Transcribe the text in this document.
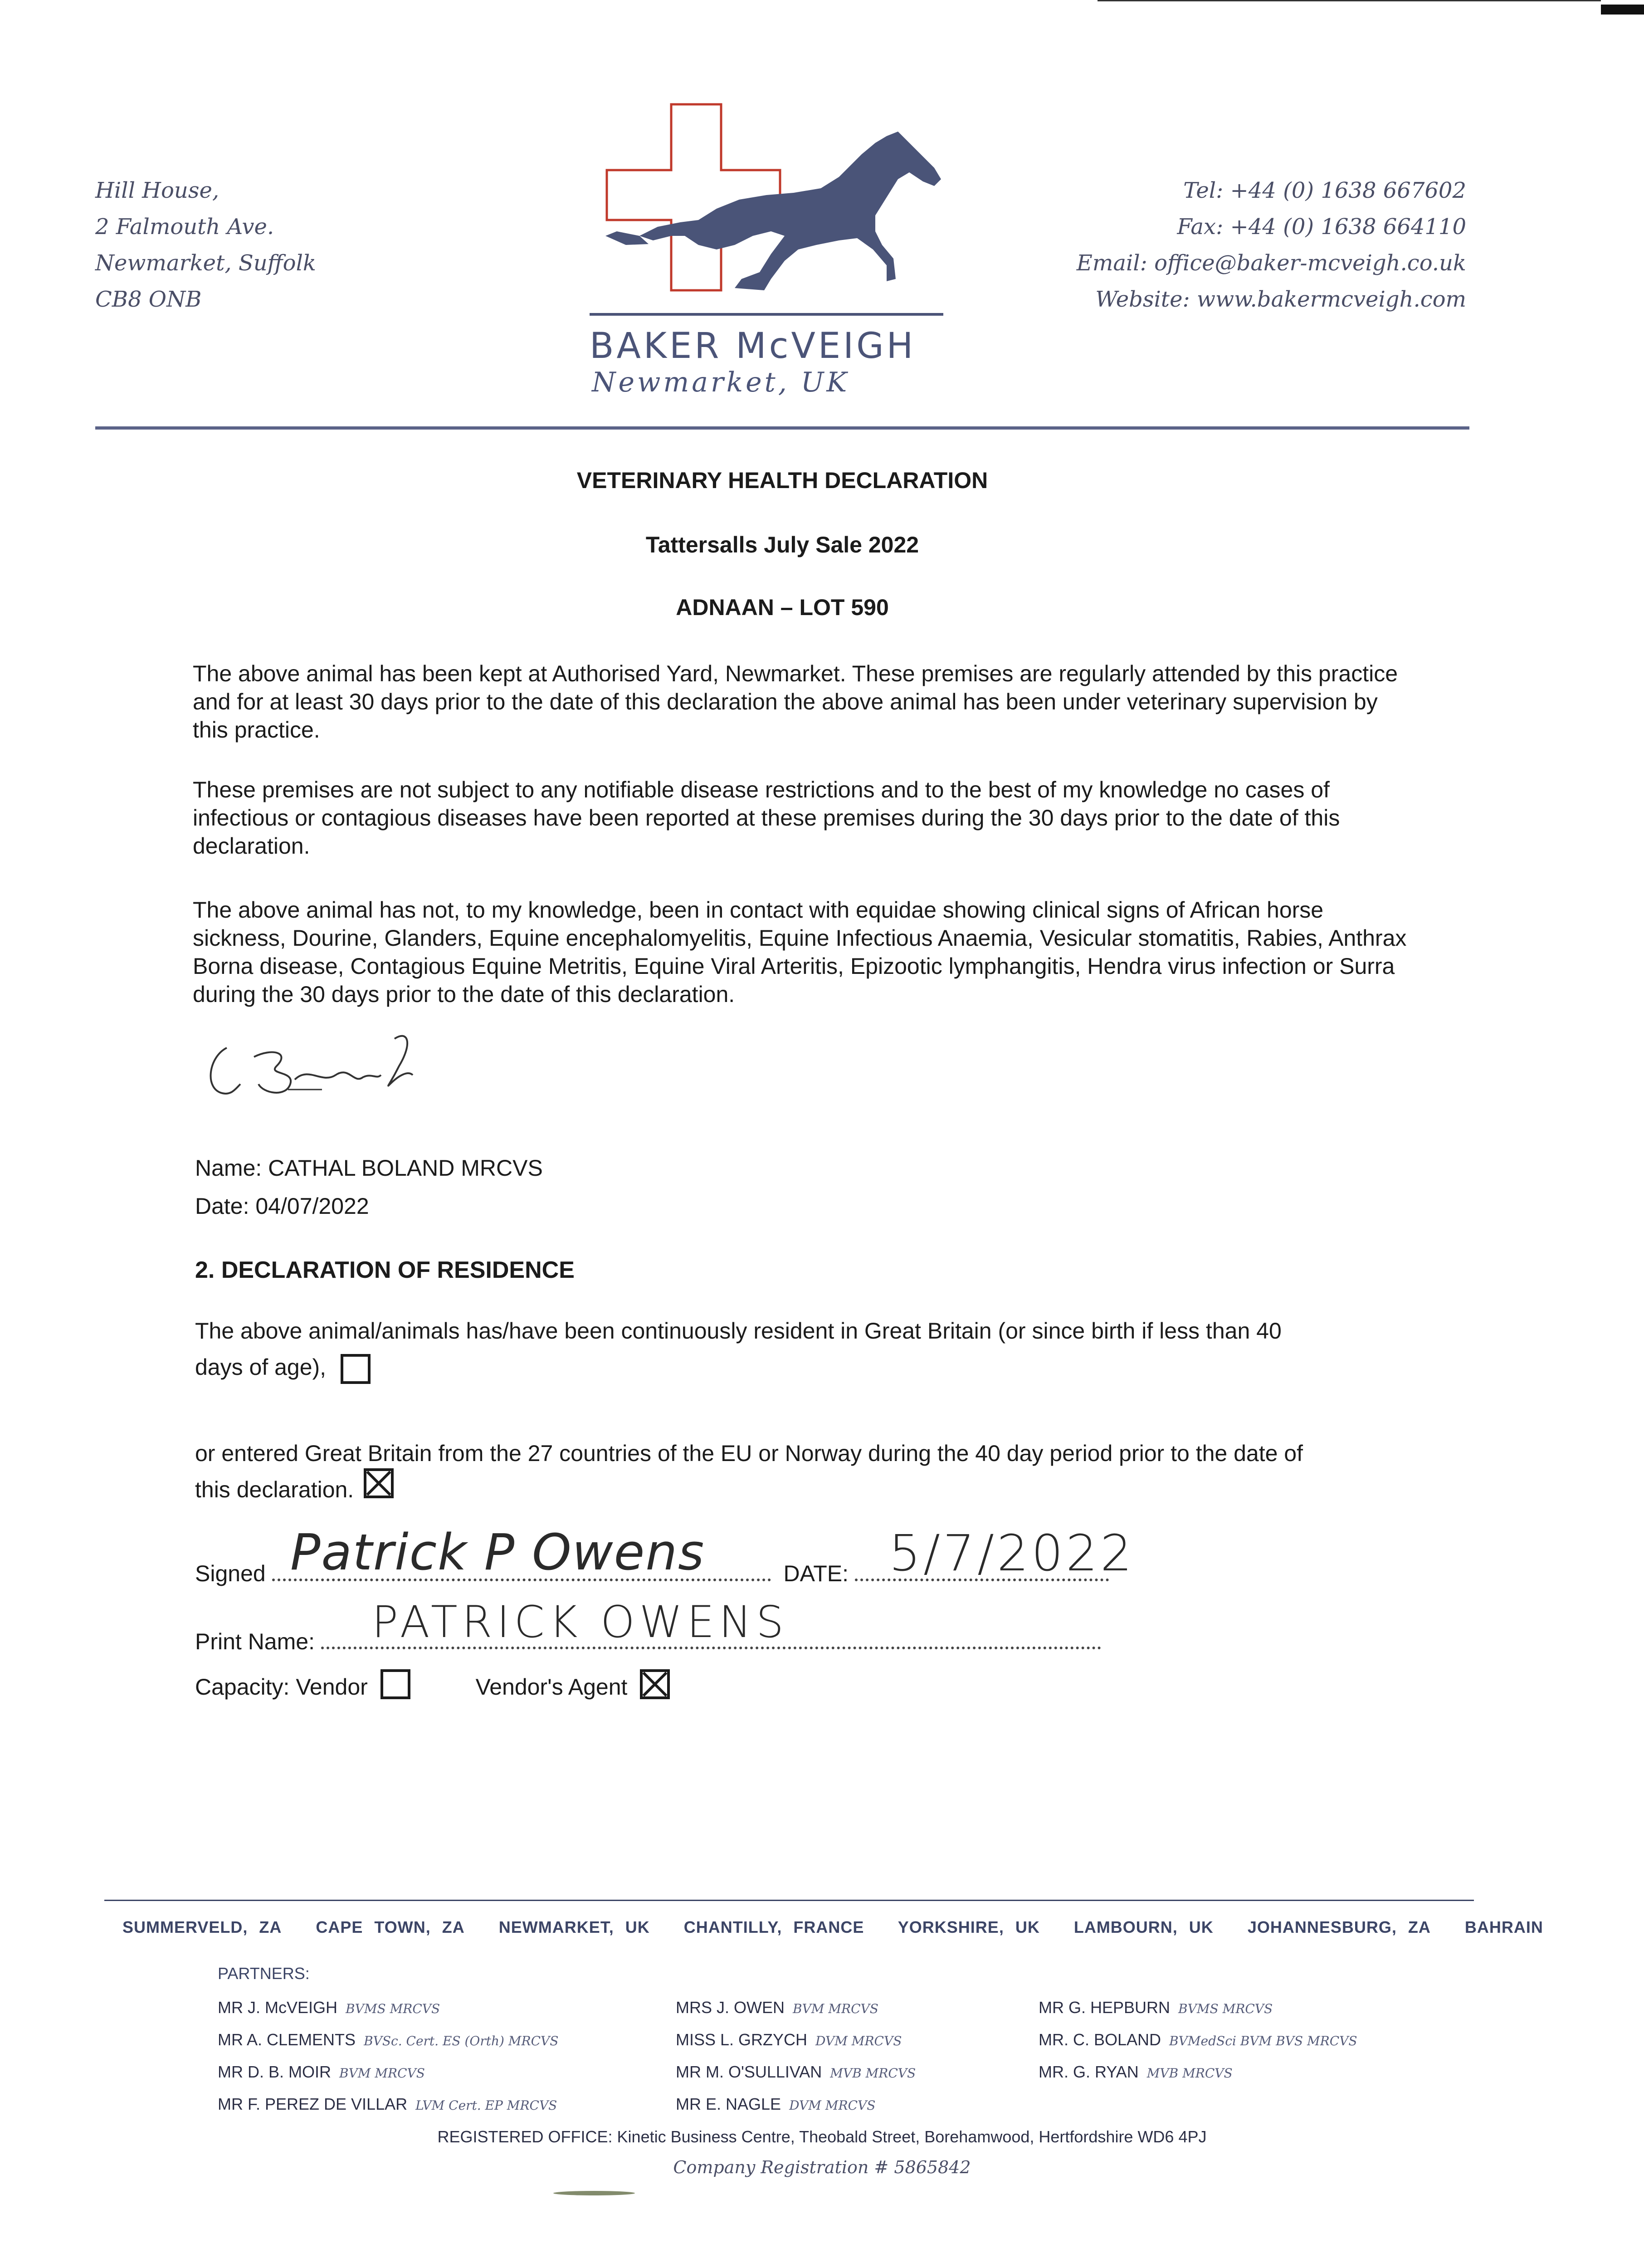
Hill House,
2 Falmouth Ave.
Newmarket, Suffolk
CB8 ONB
BAKER McVEIGH
Newmarket, UK
Tel: +44 (0) 1638 667602
Fax: +44 (0) 1638 664110
Email: office@baker-mcveigh.co.uk
Website: www.bakermcveigh.com
VETERINARY HEALTH DECLARATION
Tattersalls July Sale 2022
ADNAAN – LOT 590
The above animal has been kept at Authorised Yard, Newmarket. These premises are regularly attended by this practice and for at least 30 days prior to the date of this declaration the above animal has been under veterinary supervision by this practice.
These premises are not subject to any notifiable disease restrictions and to the best of my knowledge no cases of infectious or contagious diseases have been reported at these premises during the 30 days prior to the date of this declaration.
The above animal has not, to my knowledge, been in contact with equidae showing clinical signs of African horse sickness, Dourine, Glanders, Equine encephalomyelitis, Equine Infectious Anaemia, Vesicular stomatitis, Rabies, Anthrax Borna disease, Contagious Equine Metritis, Equine Viral Arteritis, Epizootic lymphangitis, Hendra virus infection or Surra during the 30 days prior to the date of this declaration.
Name: CATHAL BOLAND MRCVS
Date: 04/07/2022
2. DECLARATION OF RESIDENCE
The above animal/animals has/have been continuously resident in Great Britain (or since birth if less than 40
days of age),
or entered Great Britain from the 27 countries of the EU or Norway during the 40 day period prior to the date of
this declaration.
Signed	DATE:
Patrick P Owens	5/7/2022
Print Name:	PATRICK OWENS
Capacity: Vendor	Vendor's Agent
SUMMERVELD, ZA CAPE TOWN, ZA NEWMARKET, UK CHANTILLY, FRANCE YORKSHIRE, UK LAMBOURN, UK JOHANNESBURG, ZA BAHRAIN
PARTNERS:
MR J. McVEIGH BVMS MRCVS
MR A. CLEMENTS BVSc. Cert. ES (Orth) MRCVS
MR D. B. MOIR BVM MRCVS
MR F. PEREZ DE VILLAR LVM Cert. EP MRCVS
MRS J. OWEN BVM MRCVS
MISS L. GRZYCH DVM MRCVS
MR M. O'SULLIVAN MVB MRCVS
MR E. NAGLE DVM MRCVS
MR G. HEPBURN BVMS MRCVS
MR. C. BOLAND BVMedSci BVM BVS MRCVS
MR. G. RYAN MVB MRCVS
REGISTERED OFFICE: Kinetic Business Centre, Theobald Street, Borehamwood, Hertfordshire WD6 4PJ
Company Registration # 5865842
